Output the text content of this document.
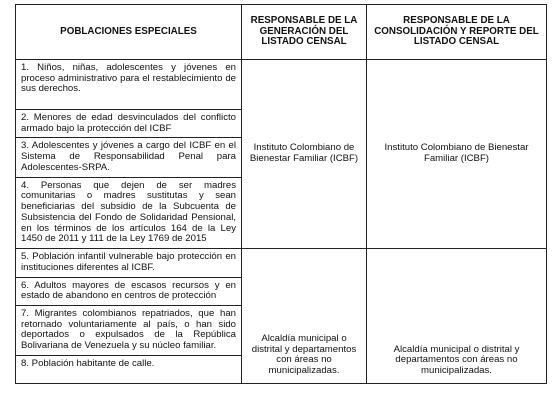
POBLACIONES ESPECIALES	RESPONSABLE DE LA GENERACIÓN DEL LISTADO CENSAL	RESPONSABLE DE LA CONSOLIDACIÓN Y REPORTE DEL LISTADO CENSAL
1. Niños, niñas, adolescentes y jóvenes en proceso administrativo para el restablecimiento de sus derechos.	Instituto Colombiano de Bienestar Familiar (ICBF)	Instituto Colombiano de Bienestar Familiar (ICBF)
2. Menores de edad desvinculados del conflicto armado bajo la protección del ICBF		
3. Adolescentes y jóvenes a cargo del ICBF en el Sistema de Responsabilidad Penal para Adolescentes-SRPA.		
4. Personas que dejen de ser madres comunitarias o madres sustitutas y sean beneficiarias del subsidio de la Subcuenta de Subsistencia del Fondo de Solidaridad Pensional, en los términos de los artículos 164 de la Ley 1450 de 2011 y 111 de la Ley 1769 de 2015		
5. Población infantil vulnerable bajo protección en instituciones diferentes al ICBF.	Alcaldía municipal o distrital y departamentos con áreas no municipalizadas.	Alcaldía municipal o distrital y departamentos con áreas no municipalizadas.
6. Adultos mayores de escasos recursos y en estado de abandono en centros de protección		
7. Migrantes colombianos repatriados, que han retornado voluntariamente al país, o han sido deportados o expulsados de la República Bolivariana de Venezuela y su núcleo familiar.		
8. Población habitante de calle.		
